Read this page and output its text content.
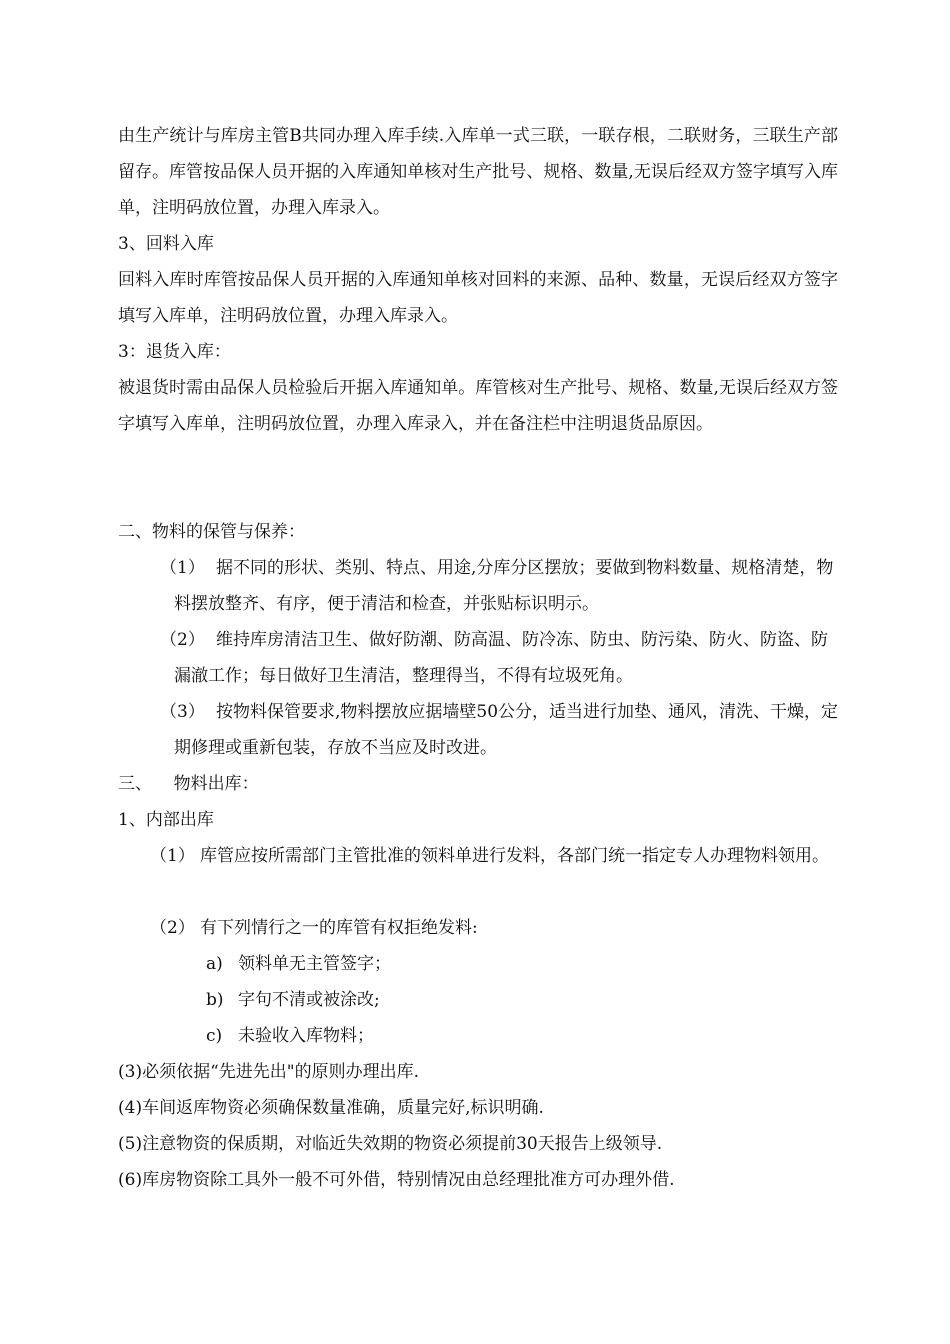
由生产统计与库房主管B共同办理入库手续.入库单一式三联，一联存根，二联财务，三联生产部留存。库管按品保人员开据的入库通知单核对生产批号、规格、数量,无误后经双方签字填写入库单，注明码放位置，办理入库录入。
3、回料入库
回料入库时库管按品保人员开据的入库通知单核对回料的来源、品种、数量，无误后经双方签字填写入库单，注明码放位置，办理入库录入。
3：退货入库：
被退货时需由品保人员检验后开据入库通知单。库管核对生产批号、规格、数量,无误后经双方签字填写入库单，注明码放位置，办理入库录入，并在备注栏中注明退货品原因。
二、物料的保管与保养：
（1） 据不同的形状、类别、特点、用途,分库分区摆放；要做到物料数量、规格清楚，物料摆放整齐、有序，便于清洁和检查，并张贴标识明示。
（2） 维持库房清洁卫生、做好防潮、防高温、防冷冻、防虫、防污染、防火、防盗、防漏澈工作；每日做好卫生清洁，整理得当，不得有垃圾死角。
（3） 按物料保管要求,物料摆放应据墙壁50公分，适当进行加垫、通风，清洗、干燥，定期修理或重新包装，存放不当应及时改进。
三、    物料出库：
1、内部出库
（1） 库管应按所需部门主管批准的领料单进行发料，各部门统一指定专人办理物料领用。
（2） 有下列情行之一的库管有权拒绝发料:
a) 领料单无主管签字；
b) 字句不清或被涂改;
c) 未验收入库物料；
(3)必须依据“先进先出"的原则办理出库.
(4)车间返库物资必须确保数量准确，质量完好,标识明确.
(5)注意物资的保质期，对临近失效期的物资必须提前30天报告上级领导.
(6)库房物资除工具外一般不可外借，特别情况由总经理批准方可办理外借.
